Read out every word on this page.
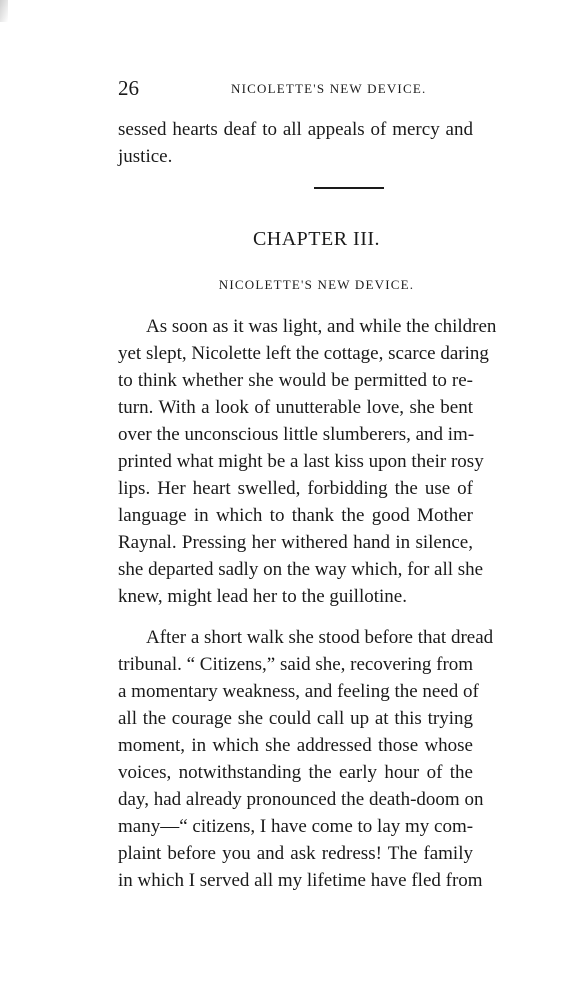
26	NICOLETTE'S NEW DEVICE.
sessed hearts deaf to all appeals of mercy and
justice.
CHAPTER III.
NICOLETTE'S NEW DEVICE.
As soon as it was light, and while the children
yet slept, Nicolette left the cottage, scarce daring
to think whether she would be permitted to re-
turn. With a look of unutterable love, she bent
over the unconscious little slumberers, and im-
printed what might be a last kiss upon their rosy
lips. Her heart swelled, forbidding the use of
language in which to thank the good Mother
Raynal. Pressing her withered hand in silence,
she departed sadly on the way which, for all she
knew, might lead her to the guillotine.
After a short walk she stood before that dread
tribunal. “ Citizens,” said she, recovering from
a momentary weakness, and feeling the need of
all the courage she could call up at this trying
moment, in which she addressed those whose
voices, notwithstanding the early hour of the
day, had already pronounced the death-doom on
many—“ citizens, I have come to lay my com-
plaint before you and ask redress! The family
in which I served all my lifetime have fled from
